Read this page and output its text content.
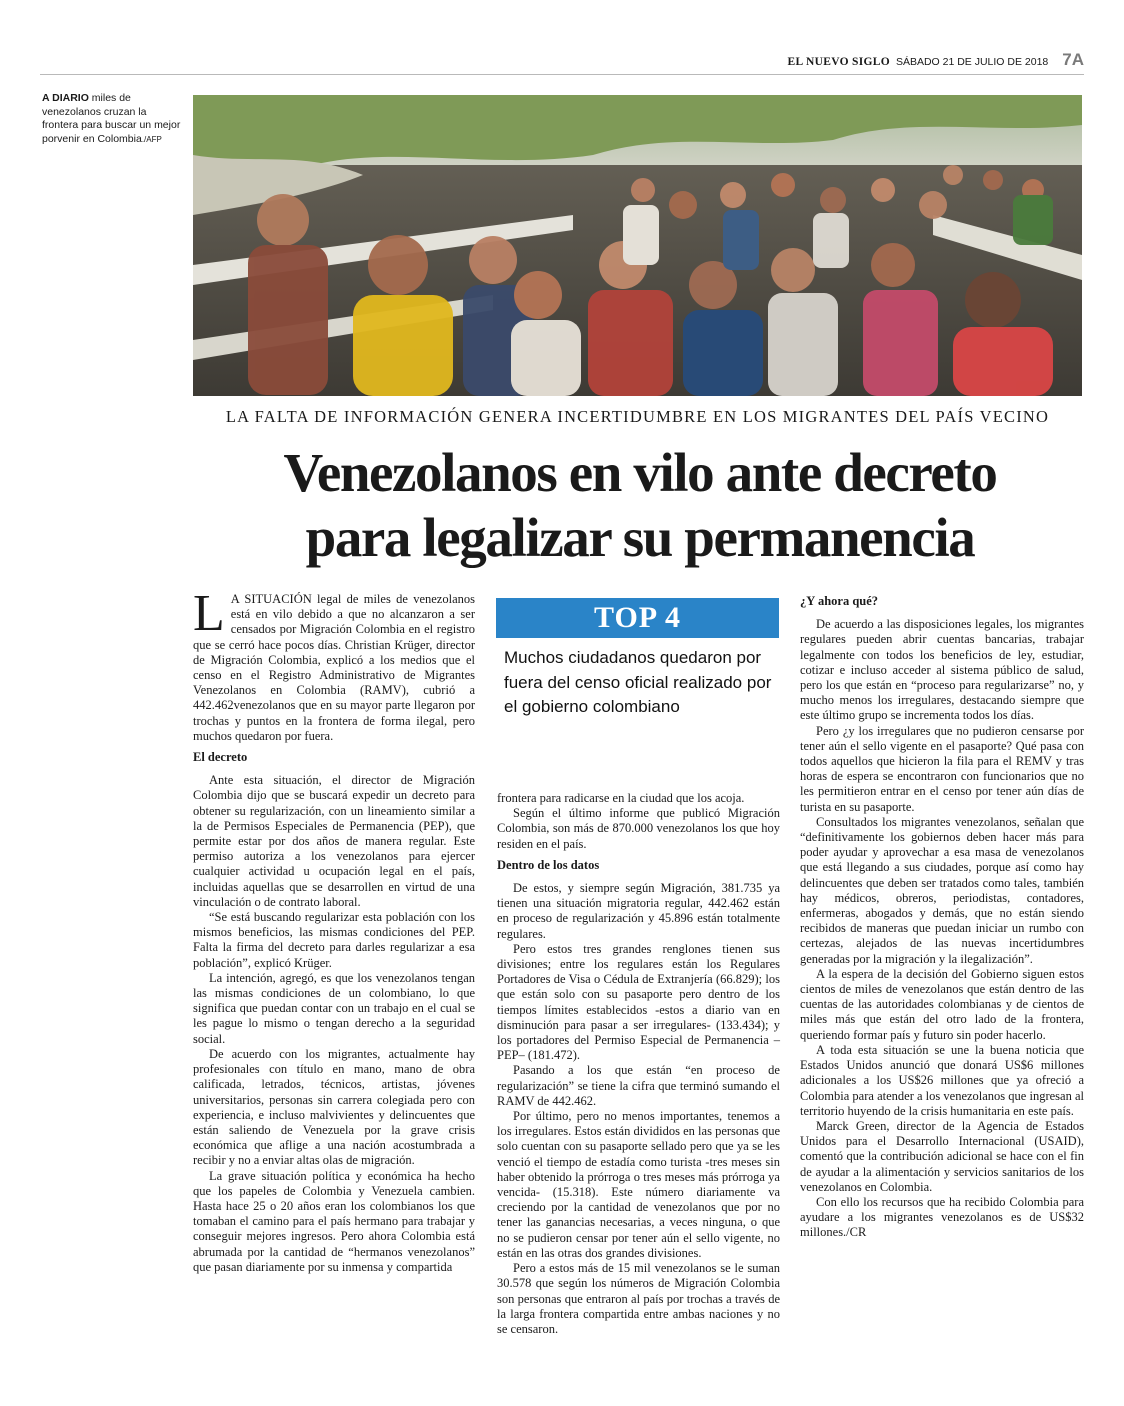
EL NUEVO SIGLO SÁBADO 21 DE JULIO DE 2018 7A
A DIARIO miles de venezolanos cruzan la frontera para buscar un mejor porvenir en Colombia./AFP
LA FALTA DE INFORMACIÓN GENERA INCERTIDUMBRE EN LOS MIGRANTES DEL PAÍS VECINO
Venezolanos en vilo ante decreto
para legalizar su permanencia

L A SITUACIÓN legal de miles de venezolanos está en vilo debido a que no alcanzaron a ser censados por Migración Colombia en el registro que se cerró hace pocos días. Christian Krüger, director de Migración Colombia, explicó a los medios que el censo en el Registro Administrativo de Migrantes Venezolanos en Colombia (RAMV), cubrió a 442.462venezolanos que en su mayor parte llegaron por trochas y puntos en la frontera de forma ilegal, pero muchos quedaron por fuera.

El decreto

Ante esta situación, el director de Migración Colombia dijo que se buscará expedir un decreto para obtener su regularización, con un lineamiento similar a la de Permisos Especiales de Permanencia (PEP), que permite estar por dos años de manera regular. Este permiso autoriza a los venezolanos para ejercer cualquier actividad u ocupación legal en el país, incluidas aquellas que se desarrollen en virtud de una vinculación o de contrato laboral.

“Se está buscando regularizar esta población con los mismos beneficios, las mismas condiciones del PEP. Falta la firma del decreto para darles regularizar a esa población”, explicó Krüger.

La intención, agregó, es que los venezolanos tengan las mismas condiciones de un colombiano, lo que significa que puedan contar con un trabajo en el cual se les pague lo mismo o tengan derecho a la seguridad social.

De acuerdo con los migrantes, actualmente hay profesionales con título en mano, mano de obra calificada, letrados, técnicos, artistas, jóvenes universitarios, personas sin carrera colegiada pero con experiencia, e incluso malvivientes y delincuentes que están saliendo de Venezuela por la grave crisis económica que aflige a una nación acostumbrada a recibir y no a enviar altas olas de migración.

La grave situación política y económica ha hecho que los papeles de Colombia y Venezuela cambien. Hasta hace 25 o 20 años eran los colombianos los que tomaban el camino para el país hermano para trabajar y conseguir mejores ingresos. Pero ahora Colombia está abrumada por la cantidad de “hermanos venezolanos” que pasan diariamente por su inmensa y compartida

TOP 4
Muchos ciudadanos quedaron por fuera del censo oficial realizado por el gobierno colombiano

frontera para radicarse en la ciudad que los acoja.

Según el último informe que publicó Migración Colombia, son más de 870.000 venezolanos los que hoy residen en el país.

Dentro de los datos

De estos, y siempre según Migración, 381.735 ya tienen una situación migratoria regular, 442.462 están en proceso de regularización y 45.896 están totalmente regulares.

Pero estos tres grandes renglones tienen sus divisiones; entre los regulares están los Regulares Portadores de Visa o Cédula de Extranjería (66.829); los que están solo con su pasaporte pero dentro de los tiempos límites establecidos -estos a diario van en disminución para pasar a ser irregulares- (133.434); y los portadores del Permiso Especial de Permanencia –PEP– (181.472).

Pasando a los que están “en proceso de regularización” se tiene la cifra que terminó sumando el RAMV de 442.462.

Por último, pero no menos importantes, tenemos a los irregulares. Estos están divididos en las personas que solo cuentan con su pasaporte sellado pero que ya se les venció el tiempo de estadía como turista -tres meses sin haber obtenido la prórroga o tres meses más prórroga ya vencida- (15.318). Este número diariamente va creciendo por la cantidad de venezolanos que por no tener las ganancias necesarias, a veces ninguna, o que no se pudieron censar por tener aún el sello vigente, no están en las otras dos grandes divisiones.

Pero a estos más de 15 mil venezolanos se le suman 30.578 que según los números de Migración Colombia son personas que entraron al país por trochas a través de la larga frontera compartida entre ambas naciones y no se censaron.

¿Y ahora qué?

De acuerdo a las disposiciones legales, los migrantes regulares pueden abrir cuentas bancarias, trabajar legalmente con todos los beneficios de ley, estudiar, cotizar e incluso acceder al sistema público de salud, pero los que están en “proceso para regularizarse” no, y mucho menos los irregulares, destacando siempre que este último grupo se incrementa todos los días.

Pero ¿y los irregulares que no pudieron censarse por tener aún el sello vigente en el pasaporte? Qué pasa con todos aquellos que hicieron la fila para el REMV y tras horas de espera se encontraron con funcionarios que no les permitieron entrar en el censo por tener aún días de turista en su pasaporte.

Consultados los migrantes venezolanos, señalan que “definitivamente los gobiernos deben hacer más para poder ayudar y aprovechar a esa masa de venezolanos que está llegando a sus ciudades, porque así como hay delincuentes que deben ser tratados como tales, también hay médicos, obreros, periodistas, contadores, enfermeras, abogados y demás, que no están siendo recibidos de maneras que puedan iniciar un rumbo con certezas, alejados de las nuevas incertidumbres generadas por la migración y la ilegalización”.

A la espera de la decisión del Gobierno siguen estos cientos de miles de venezolanos que están dentro de las cuentas de las autoridades colombianas y de cientos de miles más que están del otro lado de la frontera, queriendo formar país y futuro sin poder hacerlo.

A toda esta situación se une la buena noticia que Estados Unidos anunció que donará US$6 millones adicionales a los US$26 millones que ya ofreció a Colombia para atender a los venezolanos que ingresan al territorio huyendo de la crisis humanitaria en este país.

Marck Green, director de la Agencia de Estados Unidos para el Desarrollo Internacional (USAID), comentó que la contribución adicional se hace con el fin de ayudar a la alimentación y servicios sanitarios de los venezolanos en Colombia.

Con ello los recursos que ha recibido Colombia para ayudare a los migrantes venezolanos es de US$32 millones./CR
